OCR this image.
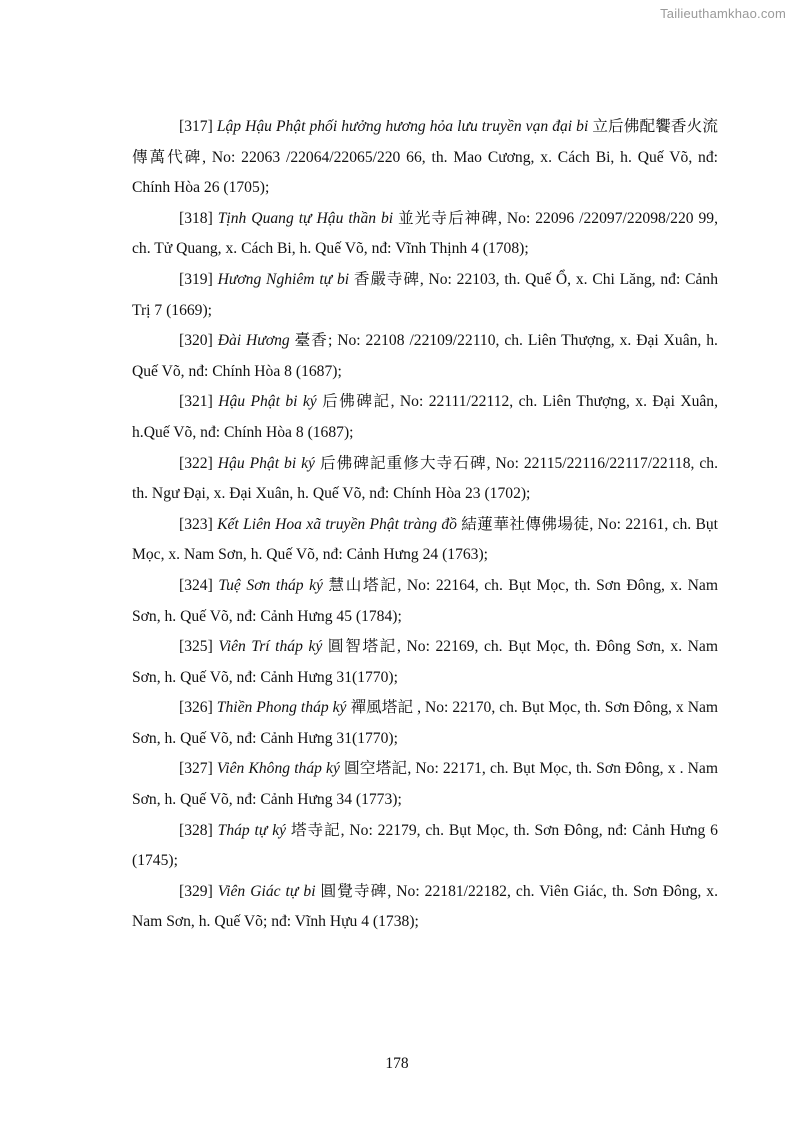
Tailieuthamkhao.com

[317] Lập Hậu Phật phối hưởng hương hỏa lưu truyền vạn đại bi 立后佛配饗香火流傳萬代碑, No: 22063 /22064/22065/220 66, th. Mao Cương, x. Cách Bi, h. Quế Võ, nđ: Chính Hòa 26 (1705);

[318] Tịnh Quang tự Hậu thần bi 並光寺后神碑, No: 22096 /22097/22098/220 99, ch. Tử Quang, x. Cách Bi, h. Quế Võ, nđ: Vĩnh Thịnh 4 (1708);

[319] Hương Nghiêm tự bi 香嚴寺碑, No: 22103, th. Quế Ổ, x. Chi Lăng, nđ: Cảnh Trị 7 (1669);

[320] Đài Hương 臺香; No: 22108 /22109/22110, ch. Liên Thượng, x. Đại Xuân, h. Quế Võ, nđ: Chính Hòa 8 (1687);

[321] Hậu Phật bi ký 后佛碑記, No: 22111/22112, ch. Liên Thượng, x. Đại Xuân, h.Quế Võ, nđ: Chính Hòa 8 (1687);

[322] Hậu Phật bi ký 后佛碑記重修大寺石碑, No: 22115/22116/22117/22118, ch. th. Ngư Đại, x. Đại Xuân, h. Quế Võ, nđ: Chính Hòa 23 (1702);

[323] Kết Liên Hoa xã truyền Phật tràng đồ 結蓮華社傳佛場徒, No: 22161, ch. Bụt Mọc, x. Nam Sơn, h. Quế Võ, nđ: Cảnh Hưng 24 (1763);

[324] Tuệ Sơn tháp ký 慧山塔記, No: 22164, ch. Bụt Mọc, th. Sơn Đông, x. Nam Sơn, h. Quế Võ, nđ: Cảnh Hưng 45 (1784);

[325] Viên Trí tháp ký 圓智塔記, No: 22169, ch. Bụt Mọc, th. Đông Sơn, x. Nam Sơn, h. Quế Võ, nđ: Cảnh Hưng 31(1770);

[326] Thiền Phong tháp ký 禪風塔記 , No: 22170, ch. Bụt Mọc, th. Sơn Đông, x Nam Sơn, h. Quế Võ, nđ: Cảnh Hưng 31(1770);

[327] Viên Không tháp ký 圓空塔記, No: 22171, ch. Bụt Mọc, th. Sơn Đông, x . Nam Sơn, h. Quế Võ, nđ: Cảnh Hưng 34 (1773);

[328] Tháp tự ký 塔寺記, No: 22179, ch. Bụt Mọc, th. Sơn Đông, nđ: Cảnh Hưng 6 (1745);

[329] Viên Giác tự bi 圓覺寺碑, No: 22181/22182, ch. Viên Giác, th. Sơn Đông, x. Nam Sơn, h. Quế Võ; nđ: Vĩnh Hựu 4 (1738);

178
